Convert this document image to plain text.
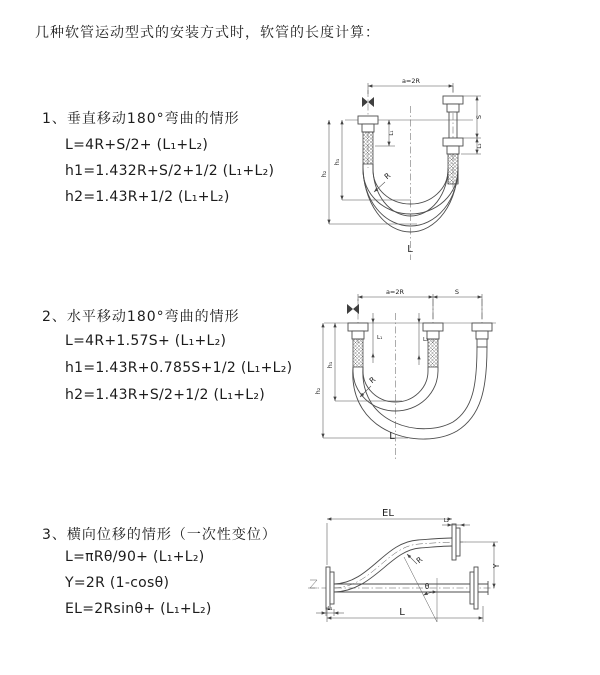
几种软管运动型式的安装方式时，软管的长度计算：
1、垂直移动180°弯曲的情形
L=4R+S/2+ (L₁+L₂)
h1=1.432R+S/2+1/2 (L₁+L₂)
h2=1.43R+1/2 (L₁+L₂)
2、水平移动180°弯曲的情形
L=4R+1.57S+ (L₁+L₂)
h1=1.43R+0.785S+1/2 (L₁+L₂)
h2=1.43R+S/2+1/2 (L₁+L₂)
3、横向位移的情形（一次性变位）
L=πRθ/90+ (L₁+L₂)
Y=2R (1-cosθ)
EL=2Rsinθ+ (L₁+L₂)
a=2R
S
L₂
L₁
h₁
h₂	R
L
a=2R	S
L₁	L₂
h₁
h₂
R
L
θ
EL
L₂
Y
R
L₁	L
